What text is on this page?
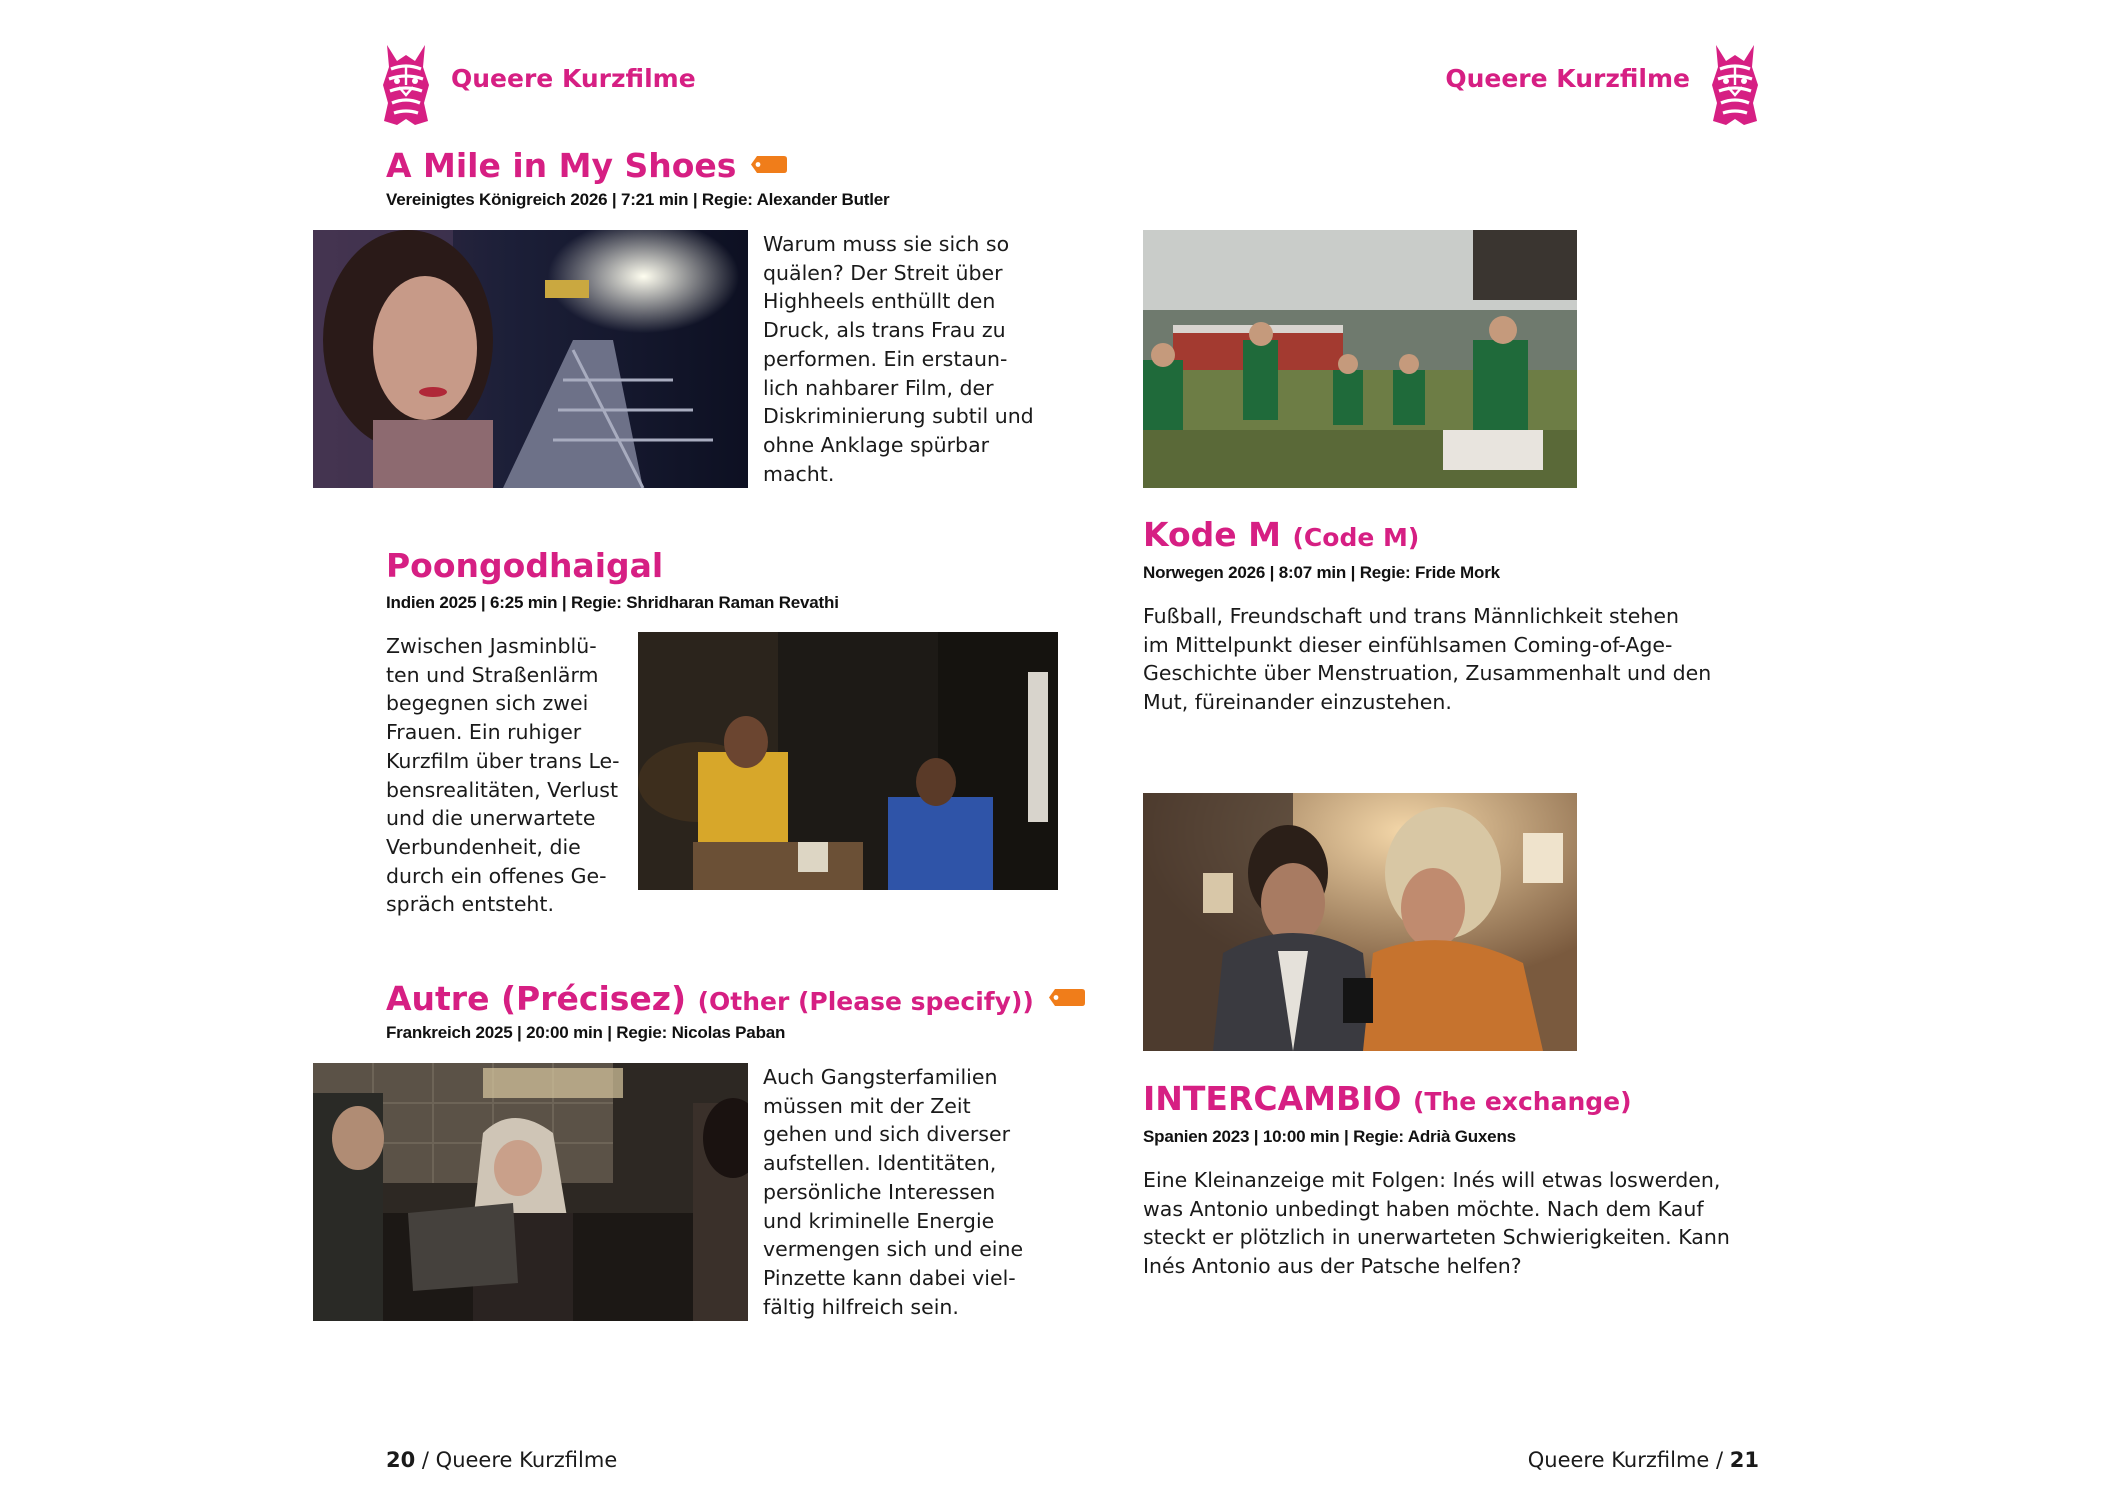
Queere Kurzfilme	Queere Kurzfilme
A Mile in My Shoes
Vereinigtes Königreich 2026 | 7:21 min | Regie: Alexander Butler
Warum muss sie sich so
quälen? Der Streit über
Highheels enthüllt den
Druck, als trans Frau zu
performen. Ein erstaun-
lich nahbarer Film, der
Diskriminierung subtil und
ohne Anklage spürbar
macht.
Poongodhaigal
Indien 2025 | 6:25 min | Regie: Shridharan Raman Revathi
Zwischen Jasminblü-
ten und Straßenlärm
begegnen sich zwei
Frauen. Ein ruhiger
Kurzfilm über trans Le-
bensrealitäten, Verlust
und die unerwartete
Verbundenheit, die
durch ein offenes Ge-
spräch entsteht.
Autre (Précisez) (Other (Please specify))
Frankreich 2025 | 20:00 min | Regie: Nicolas Paban
Auch Gangsterfamilien
müssen mit der Zeit
gehen und sich diverser
aufstellen. Identitäten,
persönliche Interessen
und kriminelle Energie
vermengen sich und eine
Pinzette kann dabei viel-
fältig hilfreich sein.
Kode M (Code M)
Norwegen 2026 | 8:07 min | Regie: Fride Mork
Fußball, Freundschaft und trans Männlichkeit stehen
im Mittelpunkt dieser einfühlsamen Coming-of-Age-
Geschichte über Menstruation, Zusammenhalt und den
Mut, füreinander einzustehen.
INTERCAMBIO (The exchange)
Spanien 2023 | 10:00 min | Regie: Adrià Guxens
Eine Kleinanzeige mit Folgen: Inés will etwas loswerden,
was Antonio unbedingt haben möchte. Nach dem Kauf
steckt er plötzlich in unerwarteten Schwierigkeiten. Kann
Inés Antonio aus der Patsche helfen?
20 / Queere Kurzfilme	Queere Kurzfilme / 21
